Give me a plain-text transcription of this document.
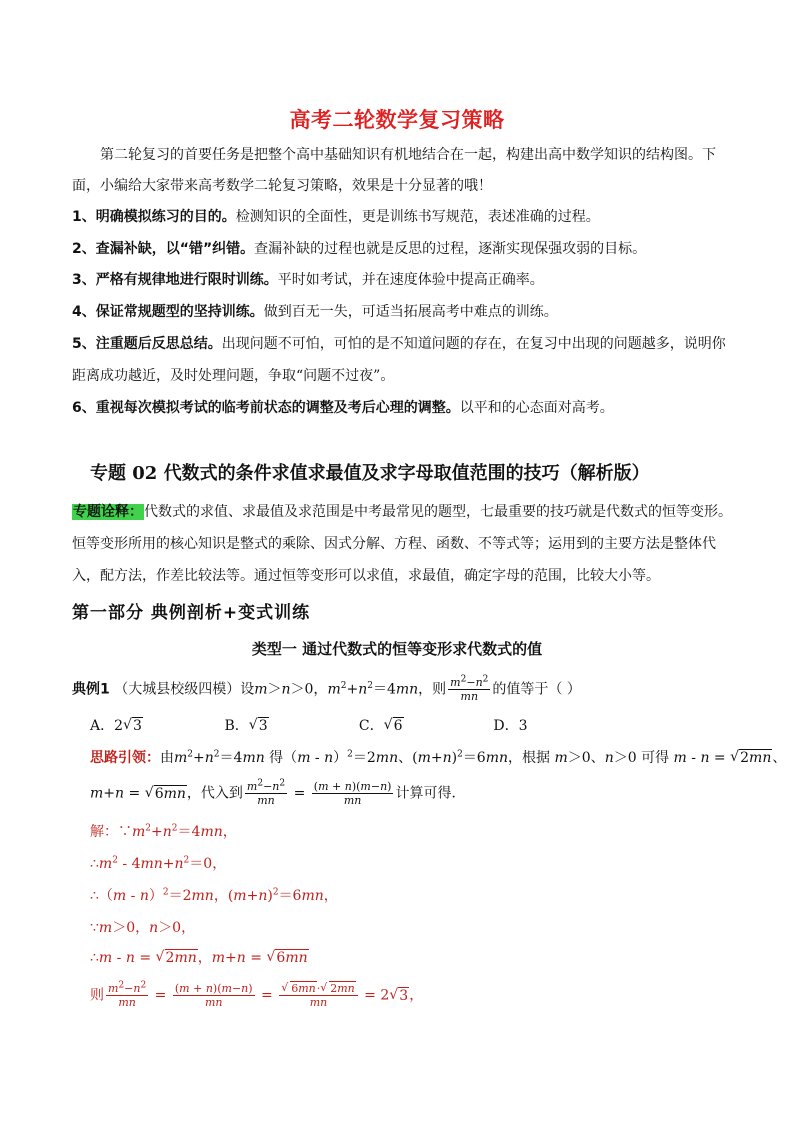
高考二轮数学复习策略
第二轮复习的首要任务是把整个高中基础知识有机地结合在一起，构建出高中数学知识的结构图。下
面，小编给大家带来高考数学二轮复习策略，效果是十分显著的哦！
1、明确模拟练习的目的。检测知识的全面性，更是训练书写规范，表述准确的过程。
2、查漏补缺，以“错”纠错。查漏补缺的过程也就是反思的过程，逐渐实现保强攻弱的目标。
3、严格有规律地进行限时训练。平时如考试，并在速度体验中提高正确率。
4、保证常规题型的坚持训练。做到百无一失，可适当拓展高考中难点的训练。
5、注重题后反思总结。出现问题不可怕，可怕的是不知道问题的存在，在复习中出现的问题越多，说明你
距离成功越近，及时处理问题，争取“问题不过夜”。
6、重视每次模拟考试的临考前状态的调整及考后心理的调整。以平和的心态面对高考。
专题 02 代数式的条件求值求最值及求字母取值范围的技巧（解析版）
专题诠释：代数式的求值、求最值及求范围是中考最常见的题型，七最重要的技巧就是代数式的恒等变形。
恒等变形所用的核心知识是整式的乘除、因式分解、方程、函数、不等式等；运用到的主要方法是整体代
入，配方法，作差比较法等。通过恒等变形可以求值，求最值，确定字母的范围，比较大小等。
第一部分 典例剖析+变式训练
类型一 通过代数式的恒等变形求代数式的值
典例1 （大城县校级四模）设m＞n＞0，$m^2+n^2=4mn$，则 $\frac{m^2-n^2}{mn}$ 的值等于（ ）
A．2√ 3	B．√ 3	C．√ 6	D．3
思路引领：由$m^2+n^2=4mn$ 得（m - n）$^2$＝2mn、$(m+n)^2=6mn$，根据 m＞0、n＞0 可得 m - n = √ 2mn、
m+n = √ 6mn，代入到 $\frac{m^2-n^2}{mn} = \frac{(m + n)(m-n)}{mn}$ 计算可得．
解：$\because m^2+n^2=4mn$，
$\therefore m^2 - 4mn+n^2=0$，
∴（m - n）$^2$＝2mn，$(m+n)^2=6mn$，
∵m＞0，n＞0，
∴m - n = √ 2mn，m+n = √ 6mn
则 $\frac{m^2-n^2}{mn} = \frac{(m + n)(m-n)}{mn}$ =
√ $\frac{6mn\cdot√ 2mn}{mn} = 2√$ 3，
